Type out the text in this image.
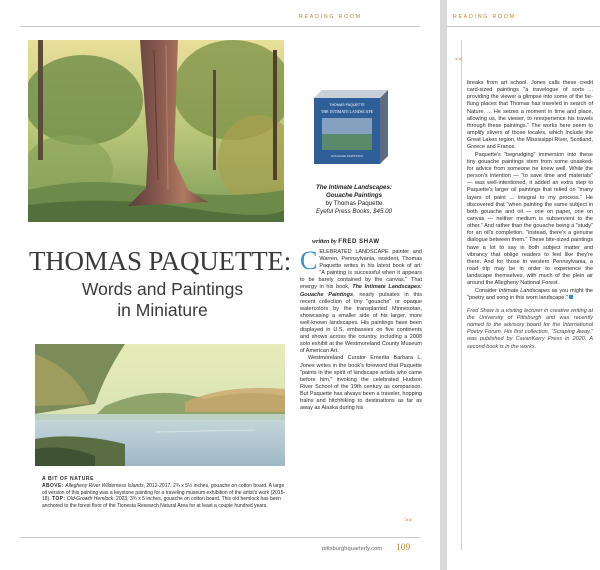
READING ROOM
THOMAS PAQUETTE
THE INTIMATE LANDSCAPE
GOUACHE PAINTINGS
The Intimate Landscapes:
Gouache Paintings
by Thomas Paquette
Eyeful Press Books, $45.00
THOMAS PAQUETTE:
Words and Paintings
in Miniature
A BIT OF NATURE
ABOVE: Allegheny River Wilderness Islands, 2012-2017, 2¾ x 5½ inches, gouache on cotton board. A large oil version of this painting was a keystone painting for a traveling museum exhibition of the artist's work (2015-18). TOP: Old-Growth Hemlock, 2023, 3¾ x 5 inches, gouache on cotton board. This old hemlock has been anchored to the forest floor of the Tionesta Research Natural Area for at least a couple hundred years.
written by FRED SHAW

CELEBRATED LANDSCAPE painter and Warren, Pennsylvania, resident, Thomas Paquette writes in his latest book of art: "A painting is successful when it appears to be barely contained by the canvas." That energy in his book, The Intimate Landscapes: Gouache Paintings, nearly pulsates in this recent collection of tiny "gouache" or opaque watercolors by the transplanted Minnesotan, showcasing a smaller side of his larger, more well-known landscapes. His paintings have been displayed in U.S. embassies on five continents and shows across the country, including a 2008 solo exhibit at the Westmoreland County Museum of American Art.

Westmoreland Curator Emerita Barbara L. Jones writes in the book's foreword that Paquette "paints in the spirit of landscape artists who came before him," invoking the celebrated Hudson River School of the 19th century as comparison. But Paquette has always been a traveler, hopping trains and hitchhiking to destinations as far as away as Alaska during his

>>
pittsburghquarterly.com 109
READING ROOM
<<

breaks from art school. Jones calls these credit card-sized paintings "a travelogue of sorts ... providing the viewer a glimpse into some of the far-flung places that Thomas has traveled in search of Nature. ... He seizes a moment in time and place, allowing us, the viewer, to reexperience his travels through these paintings." The works here seem to amplify slivers of those locales, which include the Great Lakes region, the Mississippi River, Scotland, Greece and France.

Paquette's "begrudging" immersion into these tiny gouache paintings stem from some unasked-for advice from someone he knew well. While the person's intention — "to save time and materials" — was well-intentioned, it added an extra step to Paquette's larger oil paintings that relied on "many layers of paint ... integral to my process." He discovered that "when painting the same subject in both gouache and oil — one on paper, one on canvas — neither medium is subservient to the other." And rather than the gouache being a "study" for an oil's completion, "instead, there's a genuine dialogue between them." These bite-sized paintings have a lot to say in both subject matter and vibrancy that oblige readers to feel like they're there. And for those in western Pennsylvania, a road trip may be in order to experience the landscape themselves, with much of the plein air around the Allegheny National Forest.

Consider Intimate Landscapes as you might the "poetry and song in this worn landscape."

Fred Shaw is a visiting lecturer in creative writing at the University of Pittsburgh and was recently named to the advisory board for the International Poetry Forum. His first collection, "Scraping Away," was published by CavanKerry Press in 2020. A second book is in the works.
